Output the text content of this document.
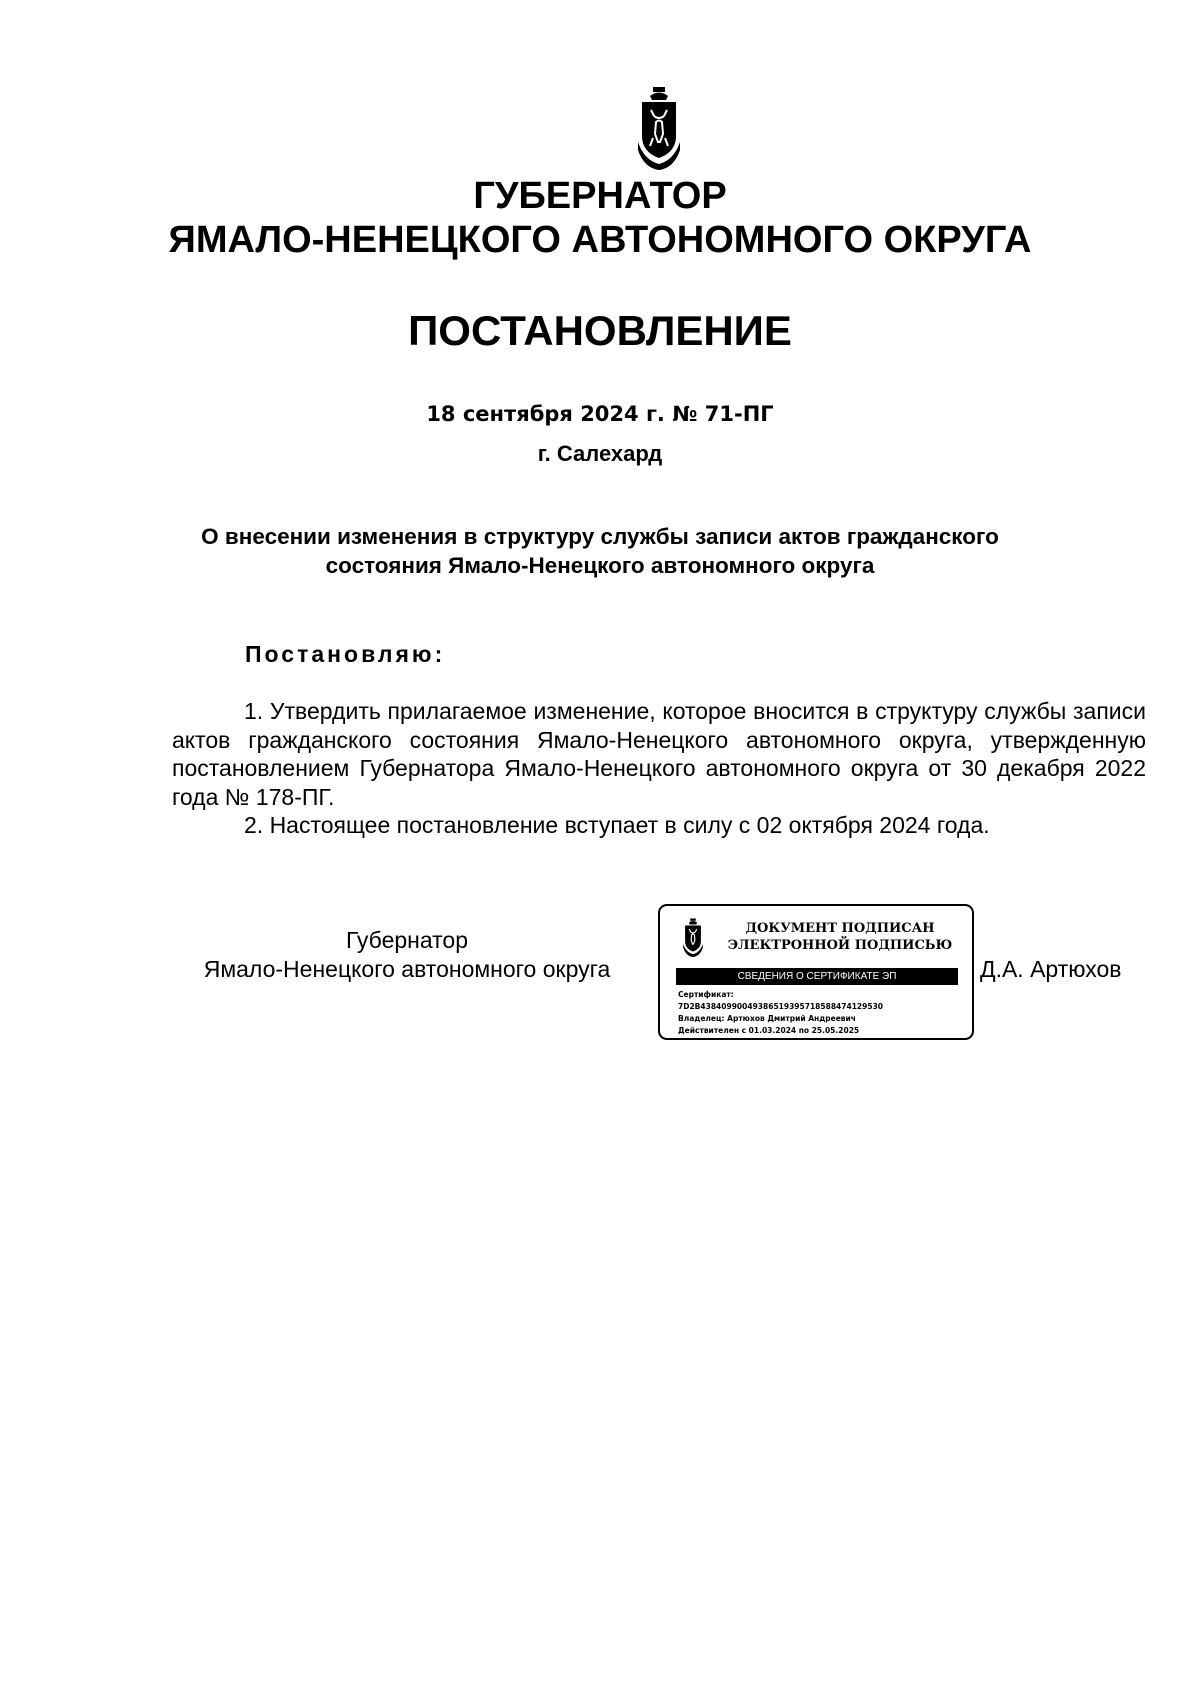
ГУБЕРНАТОР
ЯМАЛО-НЕНЕЦКОГО АВТОНОМНОГО ОКРУГА
ПОСТАНОВЛЕНИЕ
18 сентября 2024 г. № 71-ПГ
г. Салехард
О внесении изменения в структуру службы записи актов гражданского
состояния Ямало-Ненецкого автономного округа
Постановляю:

1. Утвердить прилагаемое изменение, которое вносится в структуру службы записи актов гражданского состояния Ямало-Ненецкого автономного округа, утвержденную постановлением Губернатора Ямало-Ненецкого автономного округа от 30 декабря 2022 года № 178-ПГ.

2. Настоящее постановление вступает в силу с 02 октября 2024 года.

Губернатор
Ямало-Ненецкого автономного округа
ДОКУМЕНТ ПОДПИСАН
ЭЛЕКТРОННОЙ ПОДПИСЬЮ
СВЕДЕНИЯ О СЕРТИФИКАТЕ ЭП
Сертификат:
7D2B43840990049386519395718588474129530
Владелец: Артюхов Дмитрий Андреевич
Действителен с 01.03.2024 по 25.05.2025
Д.А. Артюхов
